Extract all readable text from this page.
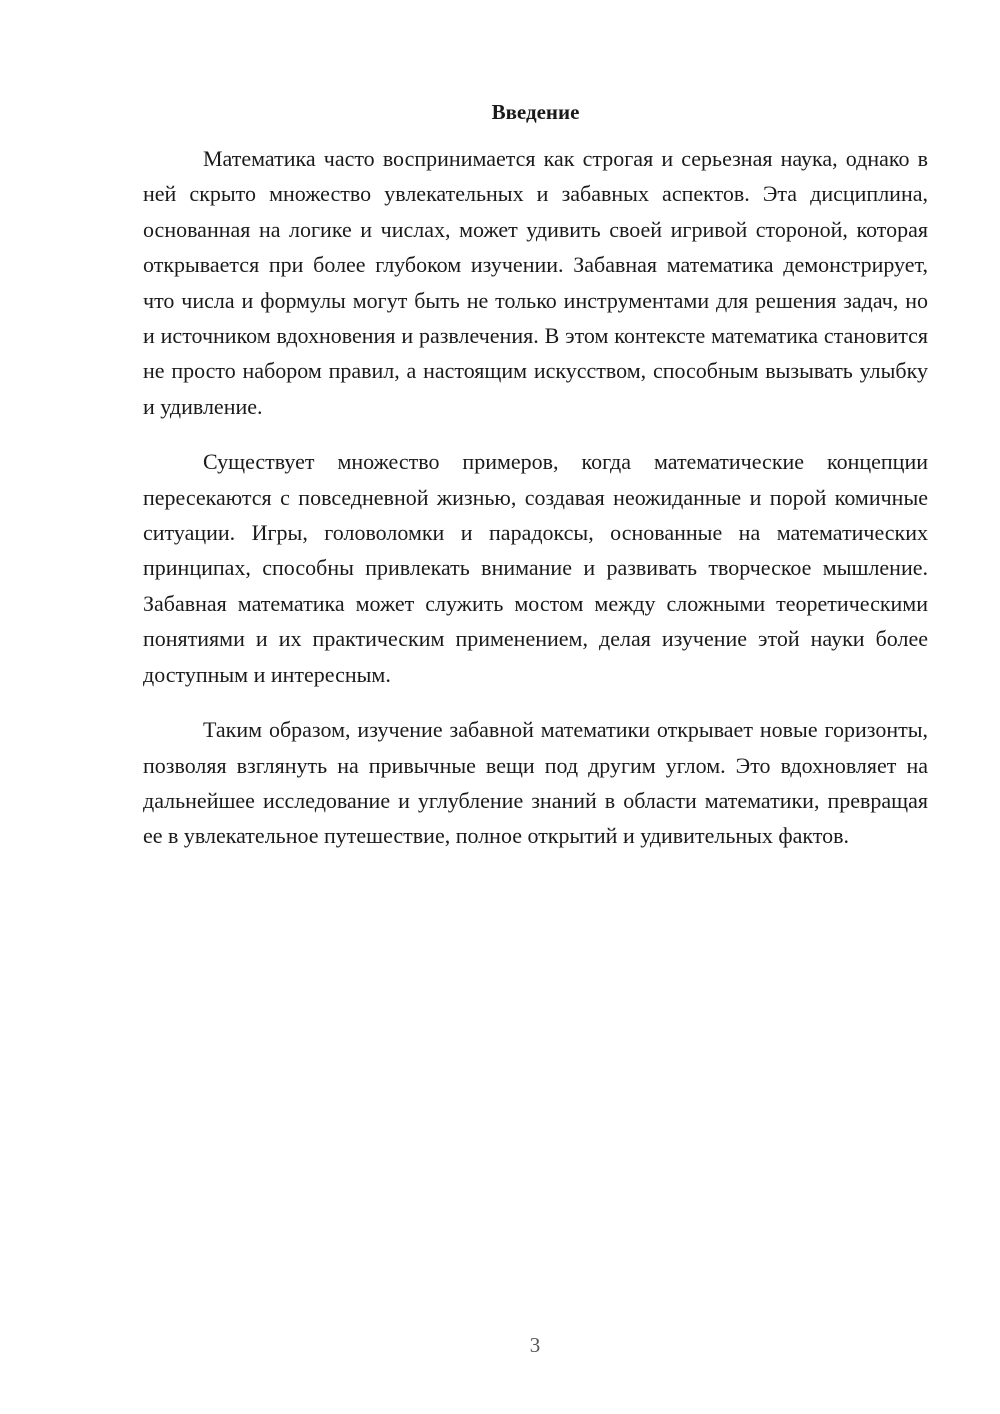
Введение

Математика часто воспринимается как строгая и серьезная наука, однако в ней скрыто множество увлекательных и забавных аспектов. Эта дисциплина, основанная на логике и числах, может удивить своей игривой стороной, которая открывается при более глубоком изучении. Забавная математика демонстрирует, что числа и формулы могут быть не только инструментами для решения задач, но и источником вдохновения и развлечения. В этом контексте математика становится не просто набором правил, а настоящим искусством, способным вызывать улыбку и удивление.

Существует множество примеров, когда математические концепции пересекаются с повседневной жизнью, создавая неожиданные и порой комичные ситуации. Игры, головоломки и парадоксы, основанные на математических принципах, способны привлекать внимание и развивать творческое мышление. Забавная математика может служить мостом между сложными теоретическими понятиями и их практическим применением, делая изучение этой науки более доступным и интересным.

Таким образом, изучение забавной математики открывает новые горизонты, позволяя взглянуть на привычные вещи под другим углом. Это вдохновляет на дальнейшее исследование и углубление знаний в области математики, превращая ее в увлекательное путешествие, полное открытий и удивительных фактов.

3
